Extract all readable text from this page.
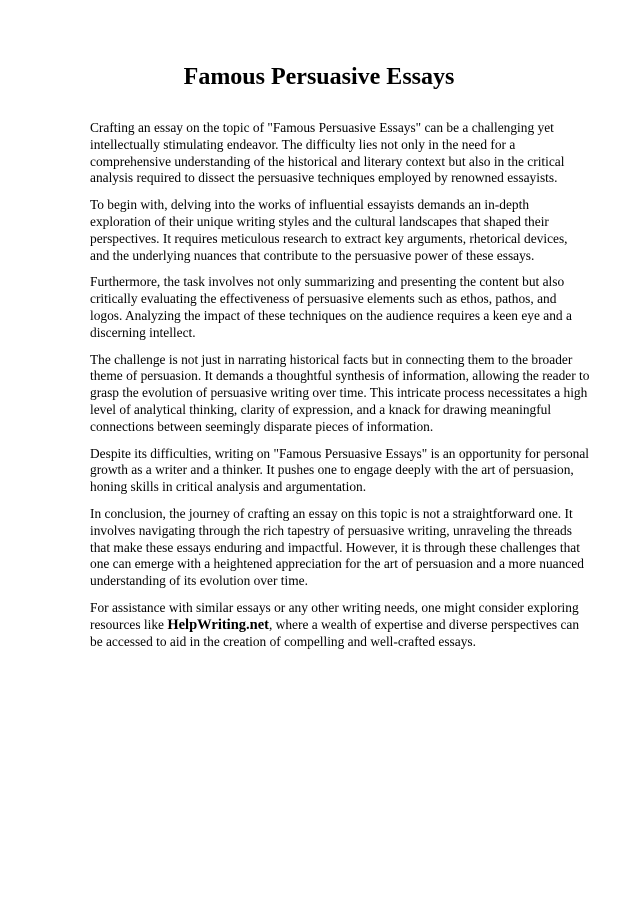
Famous Persuasive Essays

Crafting an essay on the topic of "Famous Persuasive Essays" can be a challenging yet intellectually stimulating endeavor. The difficulty lies not only in the need for a comprehensive understanding of the historical and literary context but also in the critical analysis required to dissect the persuasive techniques employed by renowned essayists.

To begin with, delving into the works of influential essayists demands an in-depth exploration of their unique writing styles and the cultural landscapes that shaped their perspectives. It requires meticulous research to extract key arguments, rhetorical devices, and the underlying nuances that contribute to the persuasive power of these essays.

Furthermore, the task involves not only summarizing and presenting the content but also critically evaluating the effectiveness of persuasive elements such as ethos, pathos, and logos. Analyzing the impact of these techniques on the audience requires a keen eye and a discerning intellect.

The challenge is not just in narrating historical facts but in connecting them to the broader theme of persuasion. It demands a thoughtful synthesis of information, allowing the reader to grasp the evolution of persuasive writing over time. This intricate process necessitates a high level of analytical thinking, clarity of expression, and a knack for drawing meaningful connections between seemingly disparate pieces of information.

Despite its difficulties, writing on "Famous Persuasive Essays" is an opportunity for personal growth as a writer and a thinker. It pushes one to engage deeply with the art of persuasion, honing skills in critical analysis and argumentation.

In conclusion, the journey of crafting an essay on this topic is not a straightforward one. It involves navigating through the rich tapestry of persuasive writing, unraveling the threads that make these essays enduring and impactful. However, it is through these challenges that one can emerge with a heightened appreciation for the art of persuasion and a more nuanced understanding of its evolution over time.

For assistance with similar essays or any other writing needs, one might consider exploring resources like HelpWriting.net, where a wealth of expertise and diverse perspectives can be accessed to aid in the creation of compelling and well-crafted essays.
